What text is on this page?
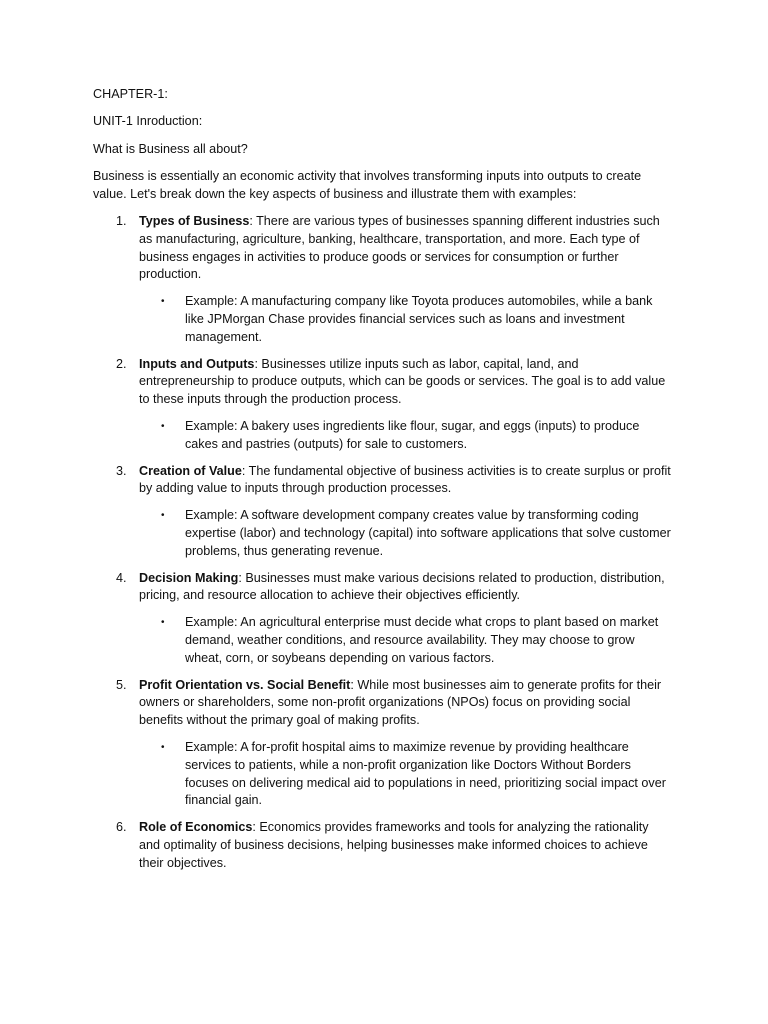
CHAPTER-1:

UNIT-1 Inroduction:

What is Business all about?

Business is essentially an economic activity that involves transforming inputs into outputs to create value. Let's break down the key aspects of business and illustrate them with examples:

1. Types of Business: There are various types of businesses spanning different industries such as manufacturing, agriculture, banking, healthcare, transportation, and more. Each type of business engages in activities to produce goods or services for consumption or further production.

• Example: A manufacturing company like Toyota produces automobiles, while a bank like JPMorgan Chase provides financial services such as loans and investment management.
2. Inputs and Outputs: Businesses utilize inputs such as labor, capital, land, and entrepreneurship to produce outputs, which can be goods or services. The goal is to add value to these inputs through the production process.

• Example: A bakery uses ingredients like flour, sugar, and eggs (inputs) to produce cakes and pastries (outputs) for sale to customers.
3. Creation of Value: The fundamental objective of business activities is to create surplus or profit by adding value to inputs through production processes.

• Example: A software development company creates value by transforming coding expertise (labor) and technology (capital) into software applications that solve customer problems, thus generating revenue.
4. Decision Making: Businesses must make various decisions related to production, distribution, pricing, and resource allocation to achieve their objectives efficiently.

• Example: An agricultural enterprise must decide what crops to plant based on market demand, weather conditions, and resource availability. They may choose to grow wheat, corn, or soybeans depending on various factors.
5. Profit Orientation vs. Social Benefit: While most businesses aim to generate profits for their owners or shareholders, some non-profit organizations (NPOs) focus on providing social benefits without the primary goal of making profits.

• Example: A for-profit hospital aims to maximize revenue by providing healthcare services to patients, while a non-profit organization like Doctors Without Borders focuses on delivering medical aid to populations in need, prioritizing social impact over financial gain.
6. Role of Economics: Economics provides frameworks and tools for analyzing the rationality and optimality of business decisions, helping businesses make informed choices to achieve their objectives.
